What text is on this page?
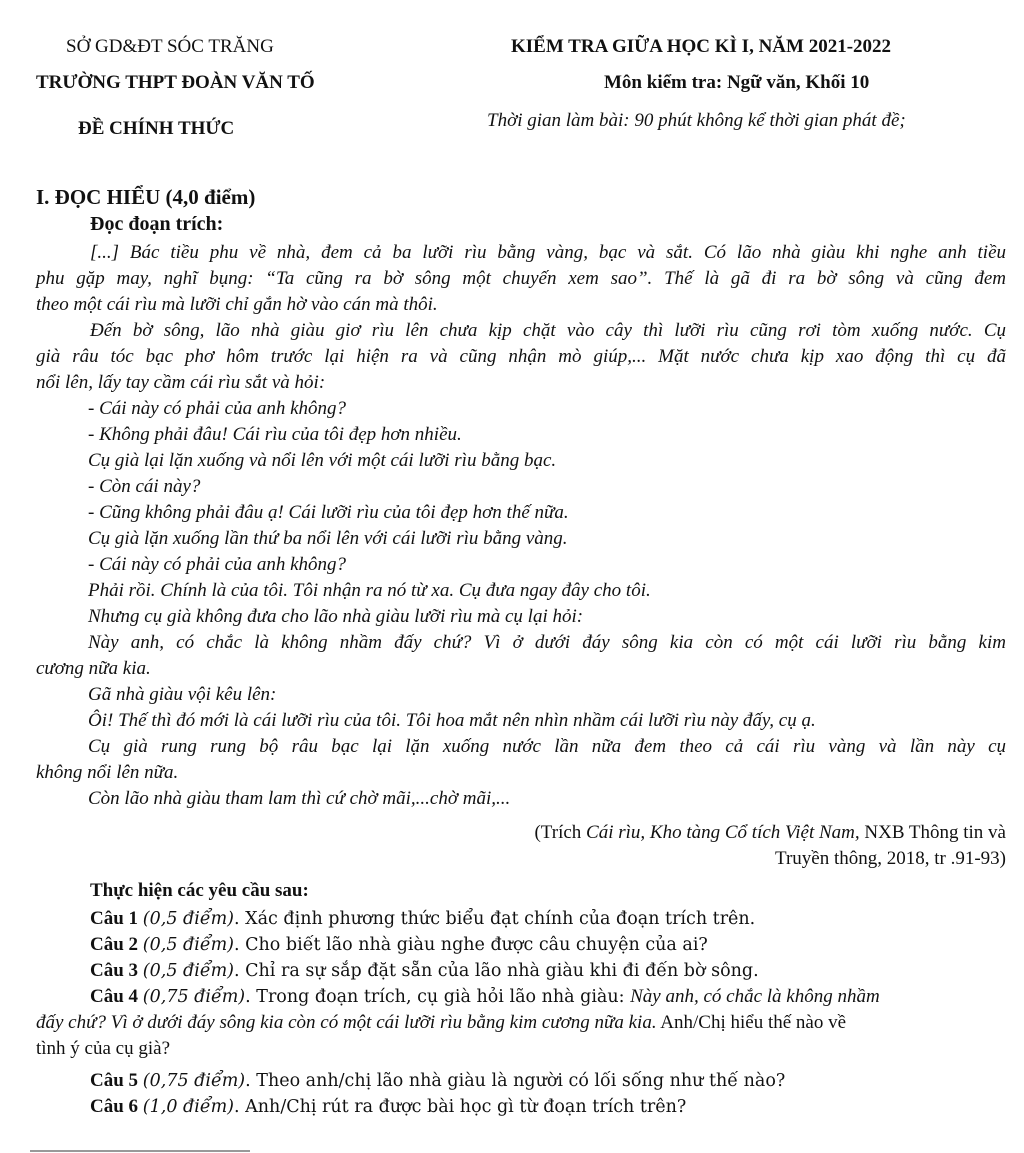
SỞ GD&ĐT SÓC TRĂNG
TRƯỜNG THPT ĐOÀN VĂN TỐ
ĐỀ CHÍNH THỨC
KIỂM TRA GIỮA HỌC KÌ I, NĂM 2021-2022
Môn kiểm tra: Ngữ văn, Khối 10
Thời gian làm bài: 90 phút không kể thời gian phát đề;
I. ĐỌC HIỂU (4,0 điểm)
Đọc đoạn trích:
[...] Bác tiều phu về nhà, đem cả ba lưỡi rìu bằng vàng, bạc và sắt. Có lão nhà giàu khi nghe anh tiều
phu gặp may, nghĩ bụng: “Ta cũng ra bờ sông một chuyến xem sao”. Thế là gã đi ra bờ sông và cũng đem
theo một cái rìu mà lưỡi chỉ gắn hờ vào cán mà thôi.
Đến bờ sông, lão nhà giàu giơ rìu lên chưa kịp chặt vào cây thì lưỡi rìu cũng rơi tòm xuống nước. Cụ
già râu tóc bạc phơ hôm trước lại hiện ra và cũng nhận mò giúp,... Mặt nước chưa kịp xao động thì cụ đã
nổi lên, lấy tay cầm cái rìu sắt và hỏi:
- Cái này có phải của anh không?
- Không phải đâu! Cái rìu của tôi đẹp hơn nhiều.
Cụ già lại lặn xuống và nổi lên với một cái lưỡi rìu bằng bạc.
- Còn cái này?
- Cũng không phải đâu ạ! Cái lưỡi rìu của tôi đẹp hơn thế nữa.
Cụ già lặn xuống lần thứ ba nổi lên với cái lưỡi rìu bằng vàng.
- Cái này có phải của anh không?
Phải rồi. Chính là của tôi. Tôi nhận ra nó từ xa. Cụ đưa ngay đây cho tôi.
Nhưng cụ già không đưa cho lão nhà giàu lưỡi rìu mà cụ lại hỏi:
Này anh, có chắc là không nhầm đấy chứ? Vì ở dưới đáy sông kia còn có một cái lưỡi rìu bằng kim
cương nữa kia.
Gã nhà giàu vội kêu lên:
Ôi! Thế thì đó mới là cái lưỡi rìu của tôi. Tôi hoa mắt nên nhìn nhầm cái lưỡi rìu này đấy, cụ ạ.
Cụ già rung rung bộ râu bạc lại lặn xuống nước lần nữa đem theo cả cái rìu vàng và lần này cụ
không nổi lên nữa.
Còn lão nhà giàu tham lam thì cứ chờ mãi,...chờ mãi,...
(Trích Cái rìu, Kho tàng Cổ tích Việt Nam, NXB Thông tin và
Truyền thông, 2018, tr .91-93)
Thực hiện các yêu cầu sau:
Câu 1 (0,5 điểm). Xác định phương thức biểu đạt chính của đoạn trích trên.
Câu 2 (0,5 điểm). Cho biết lão nhà giàu nghe được câu chuyện của ai?
Câu 3 (0,5 điểm). Chỉ ra sự sắp đặt sẵn của lão nhà giàu khi đi đến bờ sông.
Câu 4 (0,75 điểm). Trong đoạn trích, cụ già hỏi lão nhà giàu: Này anh, có chắc là không nhầm
đấy chứ? Vì ở dưới đáy sông kia còn có một cái lưỡi rìu bằng kim cương nữa kia. Anh/Chị hiểu thế nào về
tình ý của cụ già?
Câu 5 (0,75 điểm). Theo anh/chị lão nhà giàu là người có lối sống như thế nào?
Câu 6 (1,0 điểm). Anh/Chị rút ra được bài học gì từ đoạn trích trên?
